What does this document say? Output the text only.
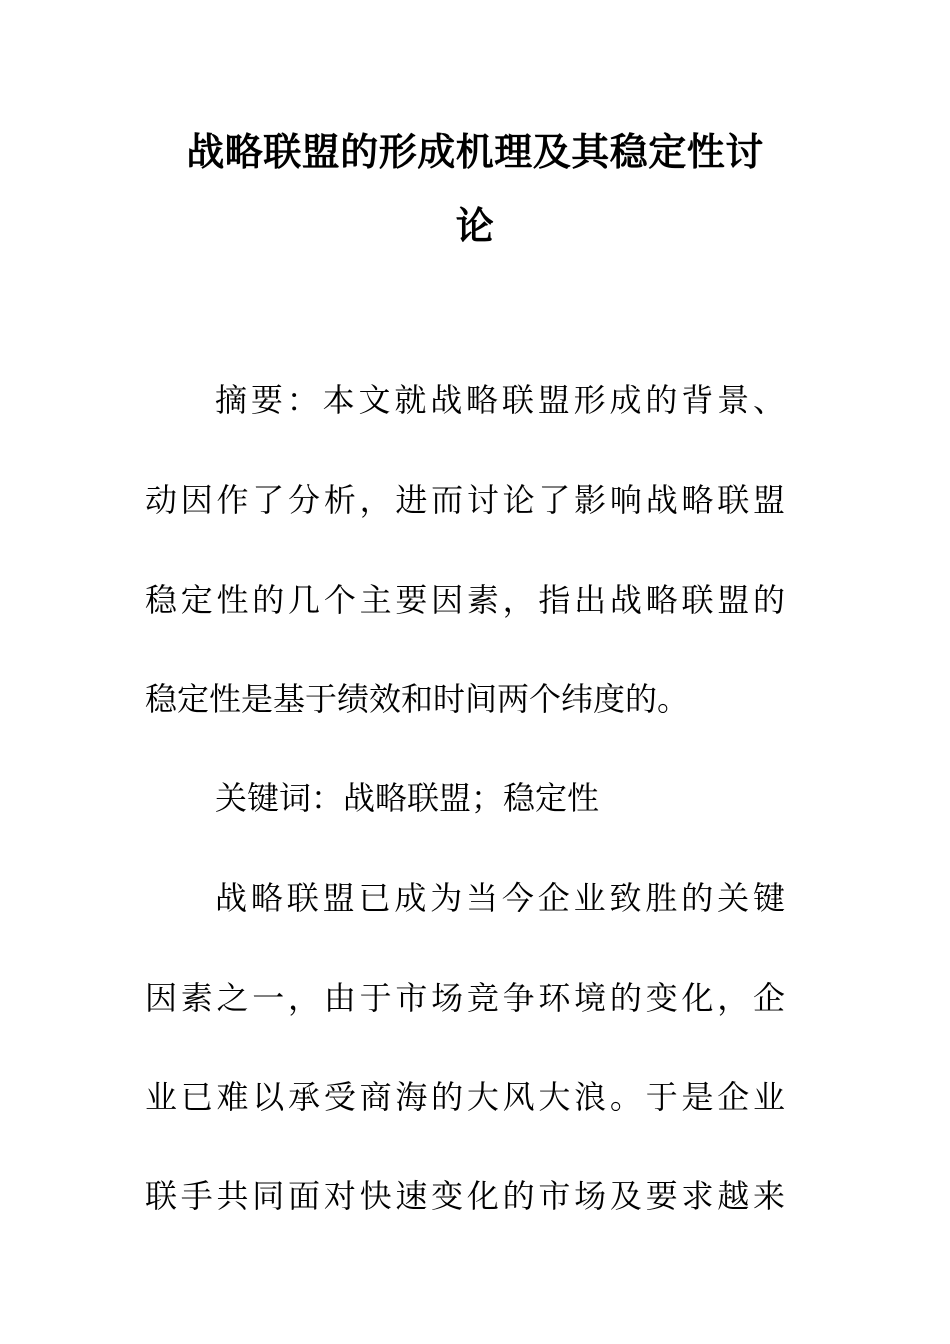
战略联盟的形成机理及其稳定性讨
论
摘要：本文就战略联盟形成的背景、
动因作了分析，进而讨论了影响战略联盟
稳定性的几个主要因素，指出战略联盟的
稳定性是基于绩效和时间两个纬度的。
关键词：战略联盟；稳定性
战略联盟已成为当今企业致胜的关键
因素之一，由于市场竞争环境的变化，企
业已难以承受商海的大风大浪。于是企业
联手共同面对快速变化的市场及要求越来
